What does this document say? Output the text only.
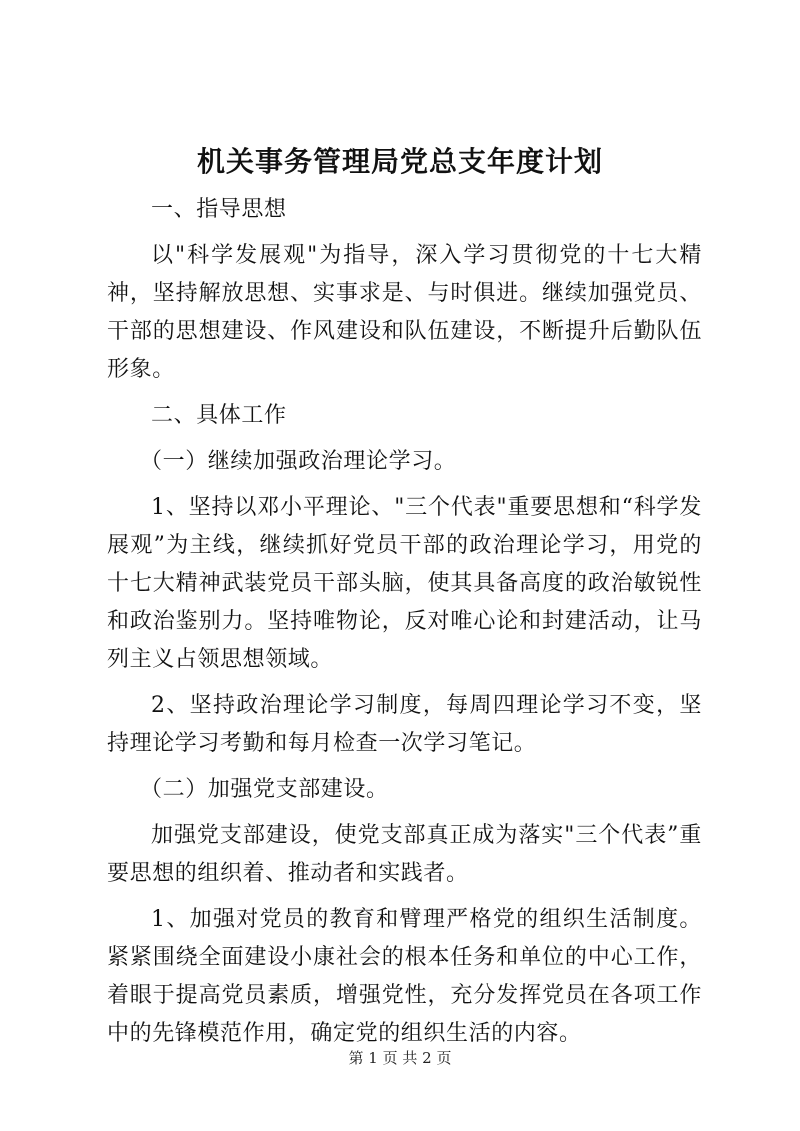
机关事务管理局党总支年度计划

一、指导思想

以"科学发展观"为指导，深入学习贯彻党的十七大精神，坚持解放思想、实事求是、与时俱进。继续加强党员、干部的思想建设、作风建设和队伍建设，不断提升后勤队伍形象。

二、具体工作

（一）继续加强政治理论学习。

1、坚持以邓小平理论、"三个代表"重要思想和“科学发展观”为主线，继续抓好党员干部的政治理论学习，用党的十七大精神武装党员干部头脑，使其具备高度的政治敏锐性和政治鉴别力。坚持唯物论，反对唯心论和封建活动，让马列主义占领思想领域。

2、坚持政治理论学习制度，每周四理论学习不变，坚持理论学习考勤和每月检查一次学习笔记。

（二）加强党支部建设。

加强党支部建设，使党支部真正成为落实"三个代表”重要思想的组织着、推动者和实践者。

1、加强对党员的教育和臂理严格党的组织生活制度。紧紧围绕全面建设小康社会的根本任务和单位的中心工作，着眼于提高党员素质，增强党性，充分发挥党员在各项工作中的先锋模范作用，确定党的组织生活的内容。

第 1 页 共 2 页
